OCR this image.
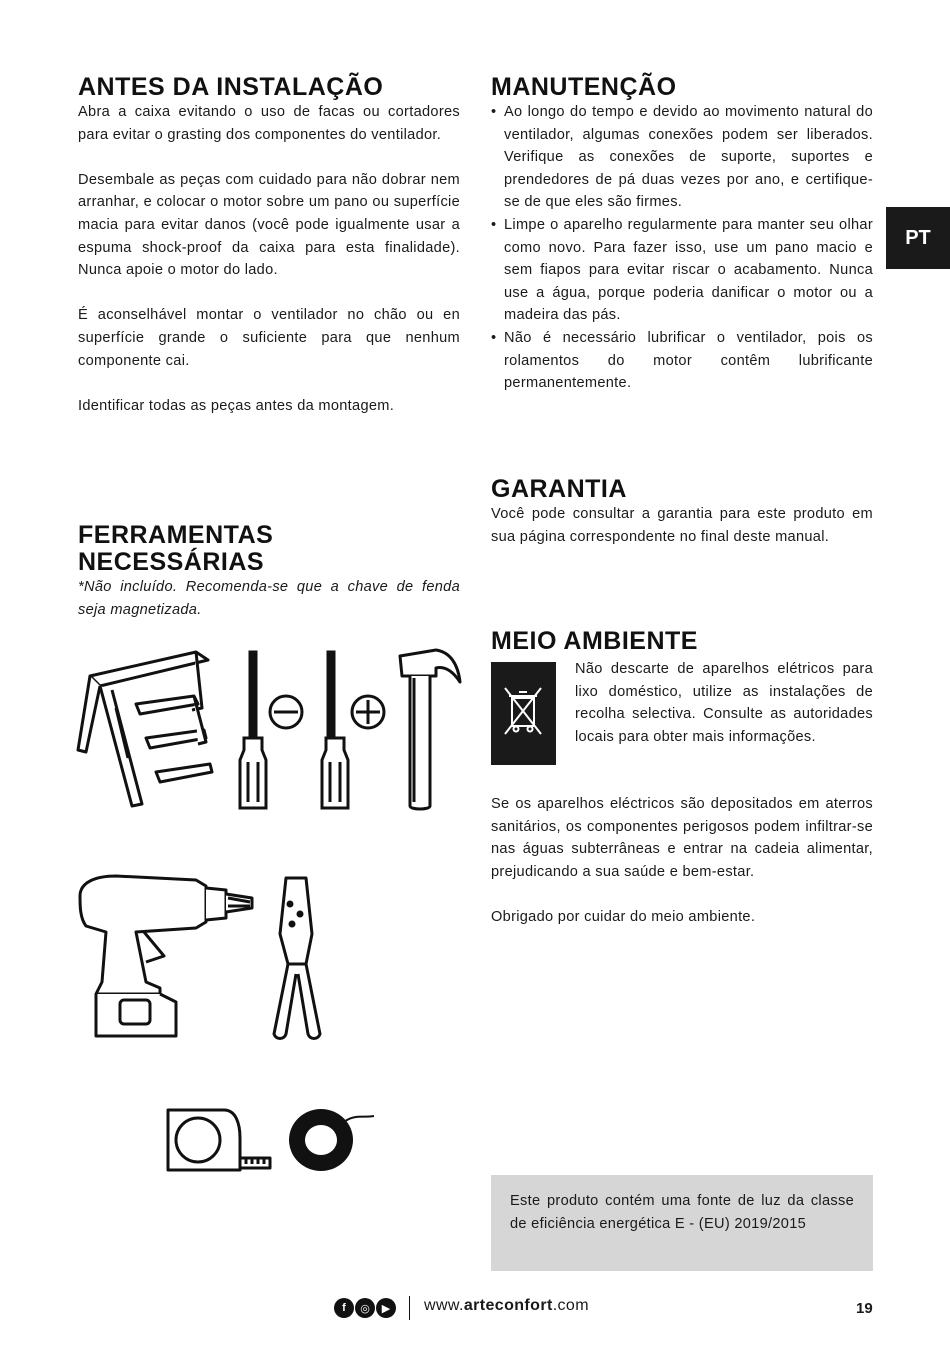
PT
ANTES DA INSTALAÇÃO

Abra a caixa evitando o uso de facas ou cortadores para evitar o grasting dos componentes do ventilador.

Desembale as peças com cuidado para não dobrar nem arranhar, e colocar o motor sobre um pano ou superfície macia para evitar danos (você pode igualmente usar a espuma shock-proof da caixa para esta finalidade). Nunca apoie o motor do lado.

É aconselhável montar o ventilador no chão ou en superfície grande o suficiente para que nenhum componente cai.

Identificar todas as peças antes da montagem.

FERRAMENTAS
NECESSÁRIAS

*Não incluído. Recomenda-se que a chave de fenda seja magnetizada.

MANUTENÇÃO
• Ao longo do tempo e devido ao movimento natural do ventilador, algumas conexões podem ser liberados. Verifique as conexões de suporte, suportes e prendedores de pá duas vezes por ano, e certifique-se de que eles são firmes.
• Limpe o aparelho regularmente para manter seu olhar como novo. Para fazer isso, use um pano macio e sem fiapos para evitar riscar o acabamento. Nunca use a água, porque poderia danificar o motor ou a madeira das pás.
• Não é necessário lubrificar o ventilador, pois os rolamentos do motor contêm lubrificante permanentemente.
GARANTIA

Você pode consultar a garantia para este produto em sua página correspondente no final deste manual.

MEIO AMBIENTE

Não descarte de aparelhos elétricos para lixo doméstico, utilize as instalações de recolha selectiva. Consulte as autoridades locais para obter mais informações.

Se os aparelhos eléctricos são depositados em aterros sanitários, os componentes perigosos podem infiltrar-se nas águas subterrâneas e entrar na cadeia alimentar, prejudicando a sua saúde e bem-estar.

Obrigado por cuidar do meio ambiente.

Este produto contém uma fonte de luz da classe de eficiência energética E - (EU) 2019/2015

f	◎	▶	www.arteconfort.com	19
